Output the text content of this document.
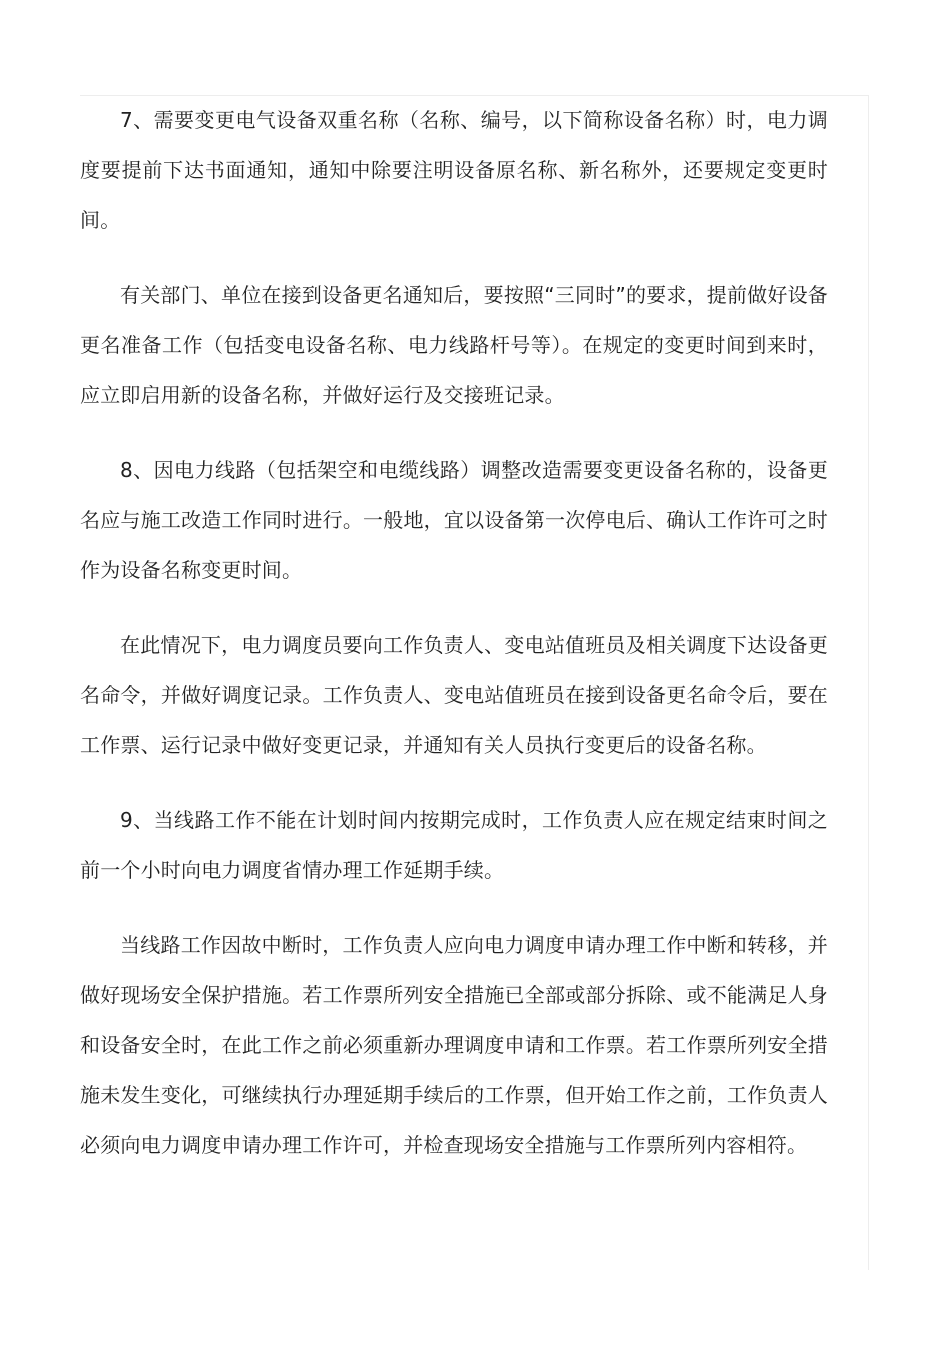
7、需要变更电气设备双重名称（名称、编号，以下简称设备名称）时，电力调度要提前下达书面通知，通知中除要注明设备原名称、新名称外，还要规定变更时间。

有关部门、单位在接到设备更名通知后，要按照“三同时”的要求，提前做好设备更名准备工作（包括变电设备名称、电力线路杆号等）。在规定的变更时间到来时，应立即启用新的设备名称，并做好运行及交接班记录。

8、因电力线路（包括架空和电缆线路）调整改造需要变更设备名称的，设备更名应与施工改造工作同时进行。一般地，宜以设备第一次停电后、确认工作许可之时作为设备名称变更时间。

在此情况下，电力调度员要向工作负责人、变电站值班员及相关调度下达设备更名命令，并做好调度记录。工作负责人、变电站值班员在接到设备更名命令后，要在工作票、运行记录中做好变更记录，并通知有关人员执行变更后的设备名称。

9、当线路工作不能在计划时间内按期完成时，工作负责人应在规定结束时间之前一个小时向电力调度省情办理工作延期手续。

当线路工作因故中断时，工作负责人应向电力调度申请办理工作中断和转移，并做好现场安全保护措施。若工作票所列安全措施已全部或部分拆除、或不能满足人身和设备安全时，在此工作之前必须重新办理调度申请和工作票。若工作票所列安全措施未发生变化，可继续执行办理延期手续后的工作票，但开始工作之前，工作负责人必须向电力调度申请办理工作许可，并检查现场安全措施与工作票所列内容相符。
